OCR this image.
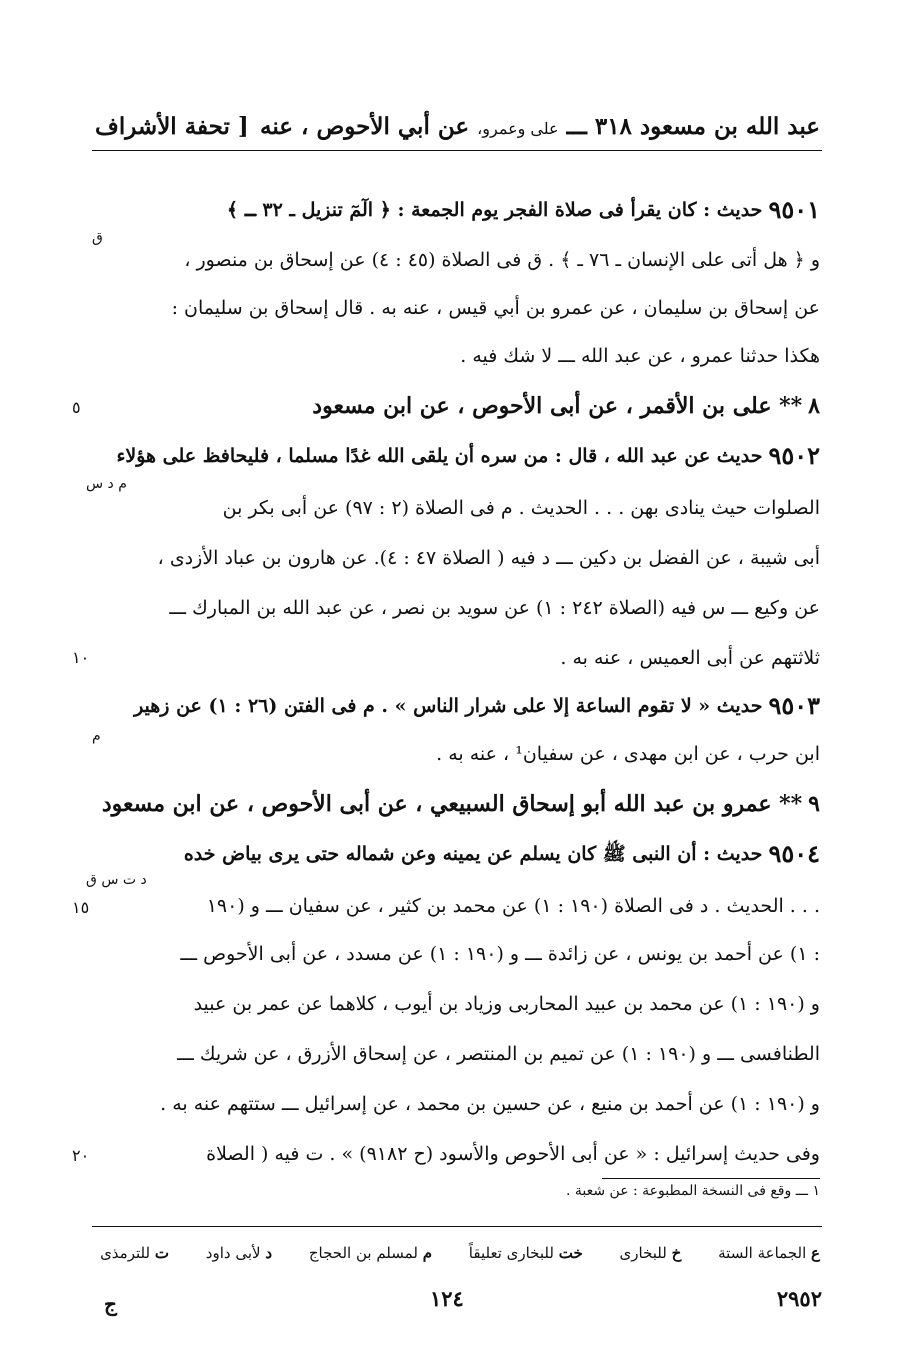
عبد الله بن مسعود ٣١٨ ـــ على وعمرو، عن أبي الأحوص ، عنه
[ تحفة الأشراف
٩٥٠١
حديث : كان يقرأ فى صلاة الفجر يوم الجمعة : ﴿ الٓمٓ تنزيل ـ ٣٢ ـ ﴾
ق
و ﴿ هل أتى على الإنسان ـ ٧٦ ـ ﴾ . ق فى الصلاة (٤٥ : ٤) عن إسحاق بن منصور ،
عن إسحاق بن سليمان ، عن عمرو بن أبي قيس ، عنه به . قال إسحاق بن سليمان :
هكذا حدثنا عمرو ، عن عبد الله ـــ لا شك فيه .
٨

** على بن الأقمر ، عن أبى الأحوص ، عن ابن مسعود
٥
٩٥٠٢
حديث عن عبد الله ، قال : من سره أن يلقى الله غدًا مسلما ، فليحافظ على هؤلاء
م د س
الصلوات حيث ينادى بهن . . . الحديث . م فى الصلاة (٢ : ٩٧) عن أبى بكر بن
أبى شيبة ، عن الفضل بن دكين ـــ د فيه ( الصلاة ٤٧ : ٤). عن هارون بن عباد الأزدى ،
عن وكيع ـــ س فيه (الصلاة ٢٤٢ : ١) عن سويد بن نصر ، عن عبد الله بن المبارك ـــ
ثلاثتهم عن أبى العميس ، عنه به .
١٠
٩٥٠٣
حديث « لا تقوم الساعة إلا على شرار الناس » . م فى الفتن (٢٦ : ١) عن زهير
م
ابن حرب ، عن ابن مهدى ، عن سفيان¹ ، عنه به .
٩

** عمرو بن عبد الله أبو إسحاق السبيعي ، عن أبى الأحوص ، عن ابن مسعود
٩٥٠٤
حديث : أن النبى ﷺ كان يسلم عن يمينه وعن شماله حتى يرى بياض خده
د ت س ق
. . . الحديث . د فى الصلاة (١٩٠ : ١) عن محمد بن كثير ، عن سفيان ـــ و (١٩٠
١٥
: ١) عن أحمد بن يونس ، عن زائدة ـــ و (١٩٠ : ١) عن مسدد ، عن أبى الأحوص ـــ
و (١٩٠ : ١) عن محمد بن عبيد المحاربى وزياد بن أيوب ، كلاهما عن عمر بن عبيد
الطنافسى ـــ و (١٩٠ : ١) عن تميم بن المنتصر ، عن إسحاق الأزرق ، عن شريك ـــ
و (١٩٠ : ١) عن أحمد بن منيع ، عن حسين بن محمد ، عن إسرائيل ـــ ستتهم عنه به .
وفى حديث إسرائيل : « عن أبى الأحوص والأسود (ح ٩١٨٢) » . ت فيه ( الصلاة
٢٠
١ ـــ وقع فى النسخة المطبوعة : عن شعبة .
ع الجماعة الستة
خ للبخارى
خت للبخارى تعليقاً
م لمسلم بن الحجاج
د لأبى داود
ت للترمذى
٢٩٥٢
١٢٤
ج
